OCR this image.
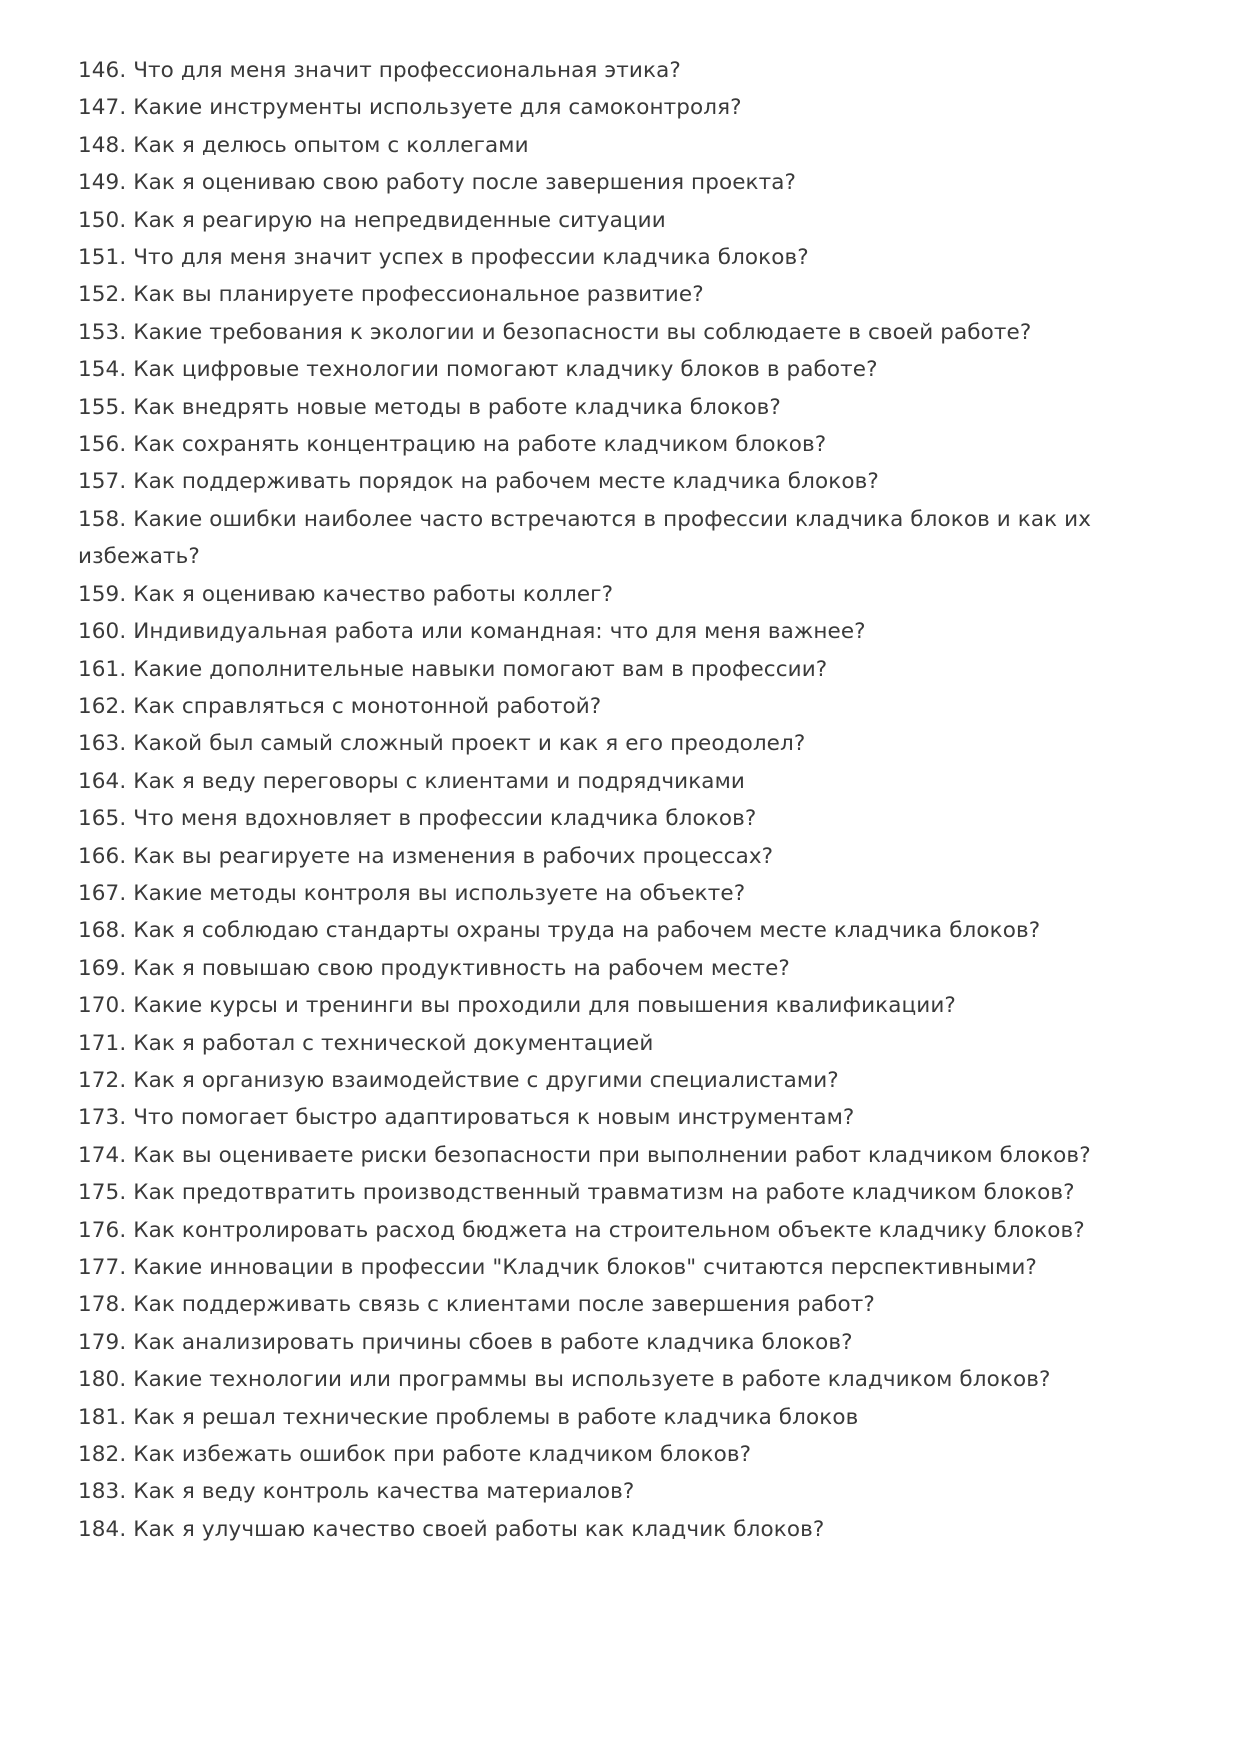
146. Что для меня значит профессиональная этика?
147. Какие инструменты используете для самоконтроля?
148. Как я делюсь опытом с коллегами
149. Как я оцениваю свою работу после завершения проекта?
150. Как я реагирую на непредвиденные ситуации
151. Что для меня значит успех в профессии кладчика блоков?
152. Как вы планируете профессиональное развитие?
153. Какие требования к экологии и безопасности вы соблюдаете в своей работе?
154. Как цифровые технологии помогают кладчику блоков в работе?
155. Как внедрять новые методы в работе кладчика блоков?
156. Как сохранять концентрацию на работе кладчиком блоков?
157. Как поддерживать порядок на рабочем месте кладчика блоков?
158. Какие ошибки наиболее часто встречаются в профессии кладчика блоков и как их избежать?
159. Как я оцениваю качество работы коллег?
160. Индивидуальная работа или командная: что для меня важнее?
161. Какие дополнительные навыки помогают вам в профессии?
162. Как справляться с монотонной работой?
163. Какой был самый сложный проект и как я его преодолел?
164. Как я веду переговоры с клиентами и подрядчиками
165. Что меня вдохновляет в профессии кладчика блоков?
166. Как вы реагируете на изменения в рабочих процессах?
167. Какие методы контроля вы используете на объекте?
168. Как я соблюдаю стандарты охраны труда на рабочем месте кладчика блоков?
169. Как я повышаю свою продуктивность на рабочем месте?
170. Какие курсы и тренинги вы проходили для повышения квалификации?
171. Как я работал с технической документацией
172. Как я организую взаимодействие с другими специалистами?
173. Что помогает быстро адаптироваться к новым инструментам?
174. Как вы оцениваете риски безопасности при выполнении работ кладчиком блоков?
175. Как предотвратить производственный травматизм на работе кладчиком блоков?
176. Как контролировать расход бюджета на строительном объекте кладчику блоков?
177. Какие инновации в профессии "Кладчик блоков" считаются перспективными?
178. Как поддерживать связь с клиентами после завершения работ?
179. Как анализировать причины сбоев в работе кладчика блоков?
180. Какие технологии или программы вы используете в работе кладчиком блоков?
181. Как я решал технические проблемы в работе кладчика блоков
182. Как избежать ошибок при работе кладчиком блоков?
183. Как я веду контроль качества материалов?
184. Как я улучшаю качество своей работы как кладчик блоков?
